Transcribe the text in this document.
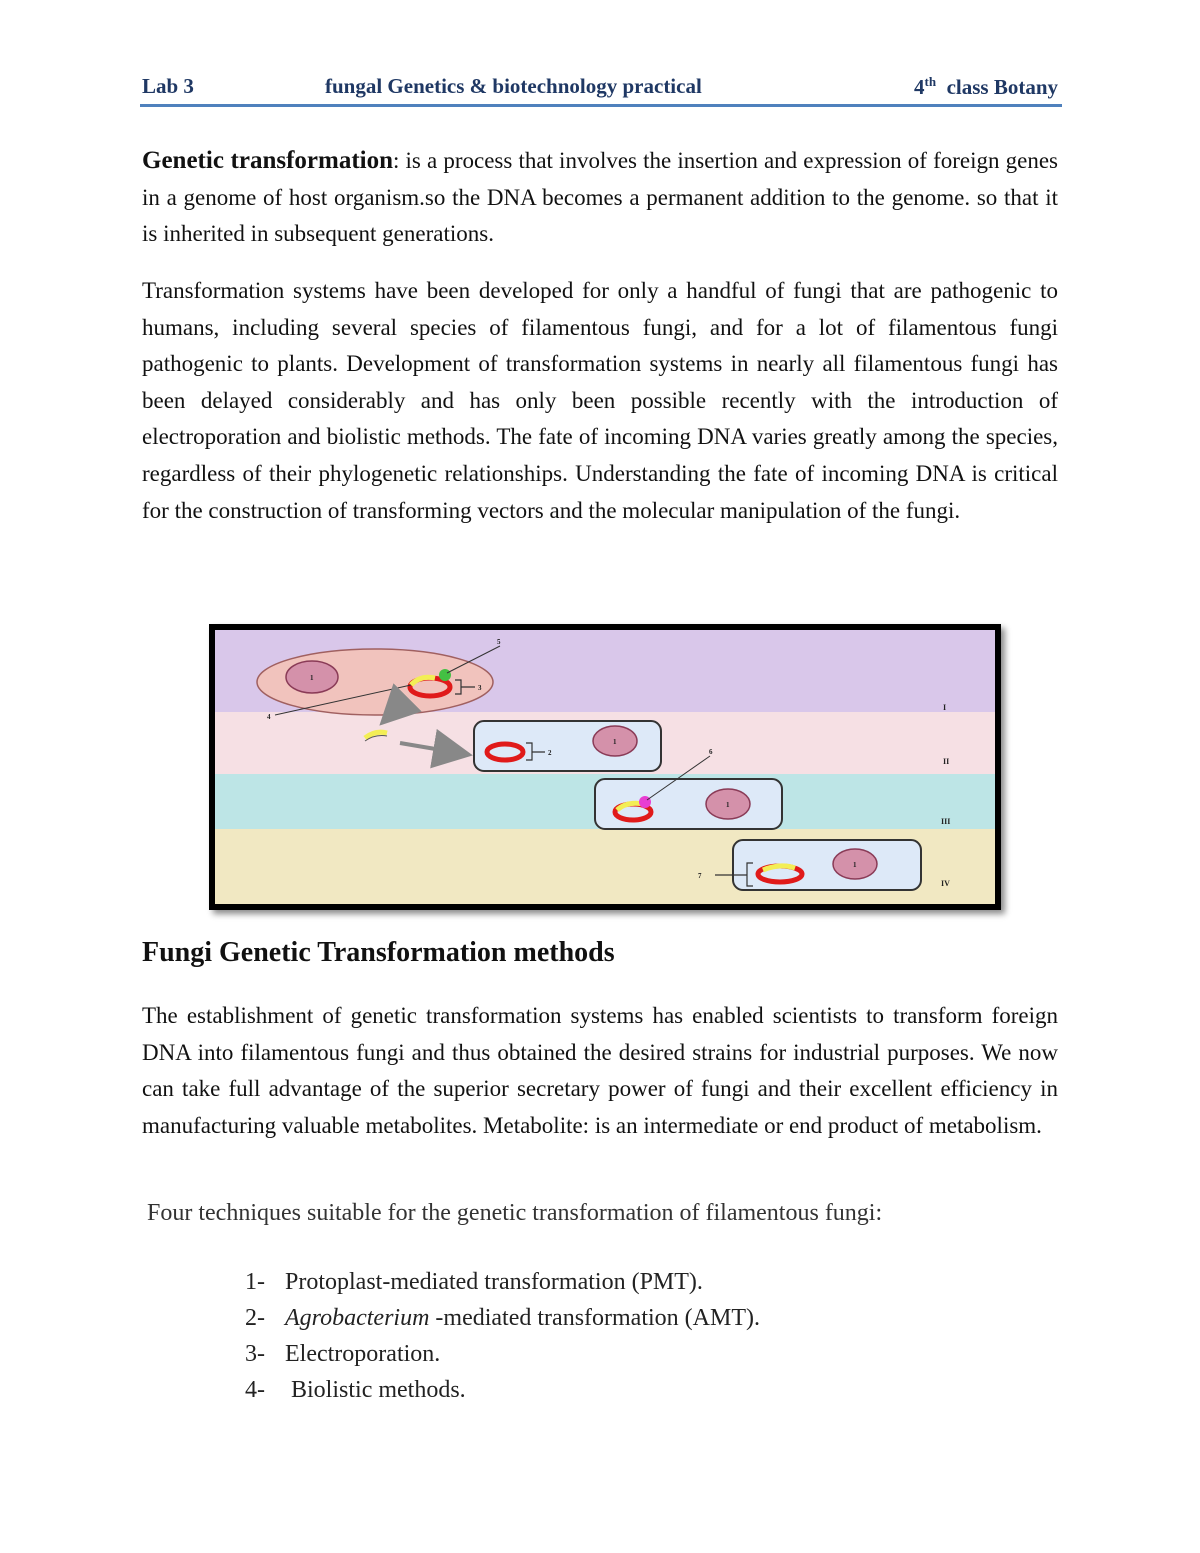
Lab 3	fungal Genetics & biotechnology practical	4th class Botany

Genetic transformation: is a process that involves the insertion and expression of foreign genes in a genome of host organism.so the DNA becomes a permanent addition to the genome. so that it is inherited in subsequent generations.

Transformation systems have been developed for only a handful of fungi that are pathogenic to humans, including several species of filamentous fungi, and for a lot of filamentous fungi pathogenic to plants. Development of transformation systems in nearly all filamentous fungi has been delayed considerably and has only been possible recently with the introduction of electroporation and biolistic methods. The fate of incoming DNA varies greatly among the species, regardless of their phylogenetic relationships. Understanding the fate of incoming DNA is critical for the construction of transforming vectors and the molecular manipulation of the fungi.

1
1
1
1
2
3
4
5
6
7
I
II
III
IV
Fungi Genetic Transformation methods

The establishment of genetic transformation systems has enabled scientists to transform foreign DNA into filamentous fungi and thus obtained the desired strains for industrial purposes. We now can take full advantage of the superior secretary power of fungi and their excellent efficiency in manufacturing valuable metabolites. Metabolite: is an intermediate or end product of metabolism.

Four techniques suitable for the genetic transformation of filamentous fungi:

1- Protoplast-mediated transformation (PMT).
2- Agrobacterium -mediated transformation (AMT).
3- Electroporation.
4- Biolistic methods.
